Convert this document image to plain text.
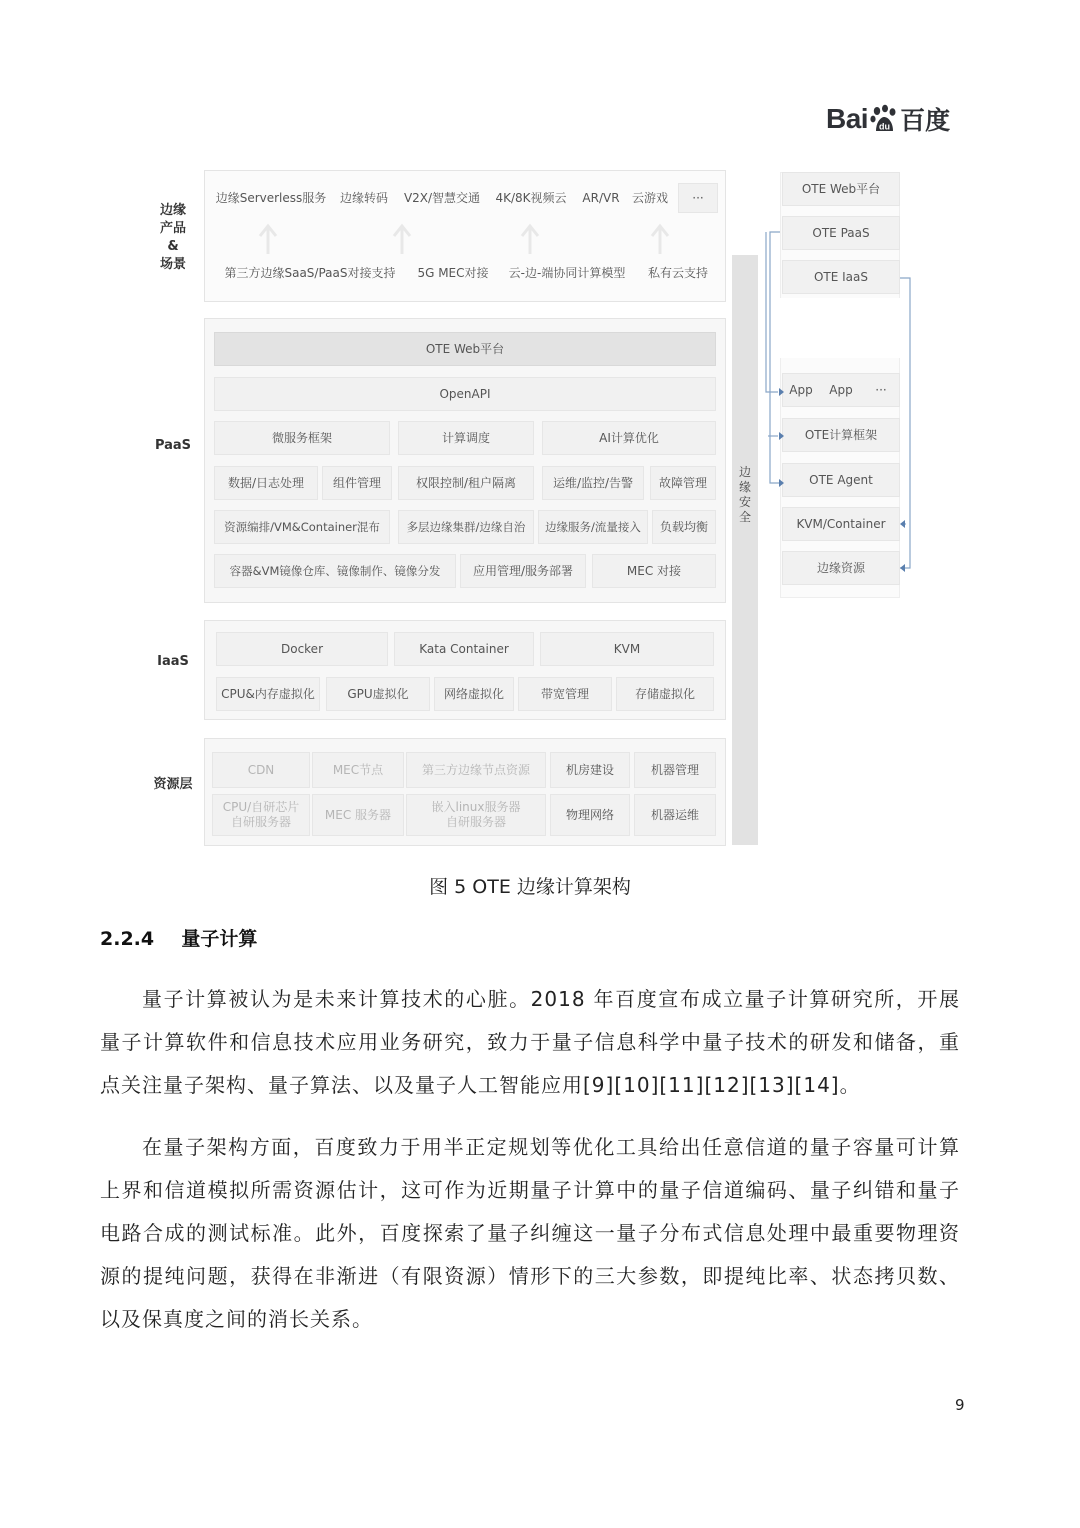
Bai du 百度
边缘
产品
&
场景
PaaS
IaaS
资源层
边缘Serverless服务	边缘转码	V2X/智慧交通	4K/8K视频云	AR/VR	云游戏	···
第三方边缘SaaS/PaaS对接支持	5G MEC对接	云-边-端协同计算模型	私有云支持
OTE Web平台
OpenAPI
微服务框架	计算调度	AI计算优化
数据/日志处理	组件管理	权限控制/租户隔离	运维/监控/告警	故障管理
资源编排/VM&Container混布	多层边缘集群/边缘自治	边缘服务/流量接入	负载均衡
容器&VM镜像仓库、镜像制作、镜像分发	应用管理/服务部署	MEC 对接
Docker	Kata Container	KVM
CPU&内存虚拟化	GPU虚拟化	网络虚拟化	带宽管理	存储虚拟化
CDN	MEC节点	第三方边缘节点资源	机房建设	机器管理
CPU/自研芯片
自研服务器
MEC 服务器
嵌入linux服务器
自研服务器
物理网络	机器运维
边
缘
安
全
OTE Web平台
OTE PaaS
OTE IaaS
App App	···
OTE计算框架
OTE Agent
KVM/Container
边缘资源
图 5 OTE 边缘计算架构
2.2.4 量子计算
量子计算被认为是未来计算技术的心脏。2018 年百度宣布成立量子计算研究所，开展量子计算软件和信息技术应用业务研究，致力于量子信息科学中量子技术的研发和储备，重点关注量子架构、量子算法、以及量子人工智能应用[9][10][11][12][13][14]。
在量子架构方面，百度致力于用半正定规划等优化工具给出任意信道的量子容量可计算上界和信道模拟所需资源估计，这可作为近期量子计算中的量子信道编码、量子纠错和量子电路合成的测试标准。此外，百度探索了量子纠缠这一量子分布式信息处理中最重要物理资源的提纯问题，获得在非渐进（有限资源）情形下的三大参数，即提纯比率、状态拷贝数、以及保真度之间的消长关系。
9
